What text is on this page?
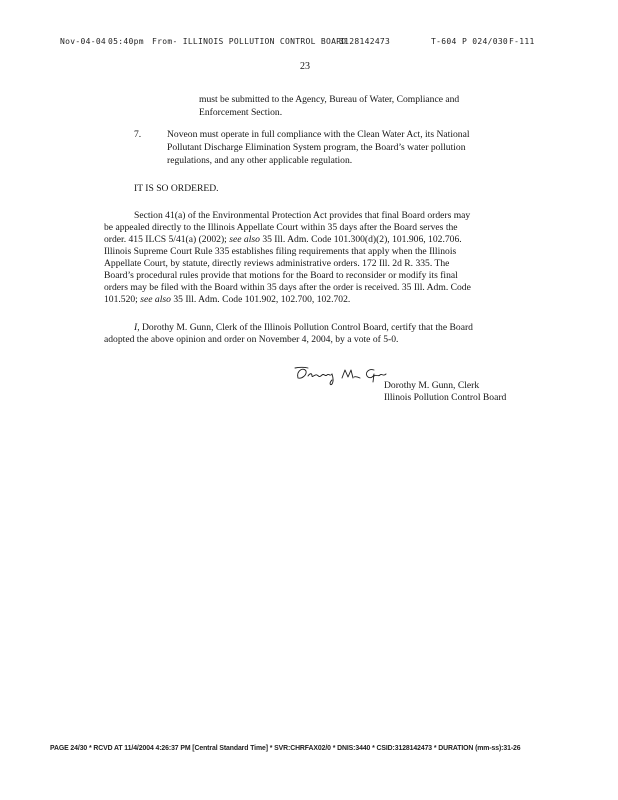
Nov-04-04 05:40pm From- ILLINOIS POLLUTION CONTROL BOARD
3128142473	T-604 P 024/030 F-111
23
must be submitted to the Agency, Bureau of Water, Compliance and
Enforcement Section.
7.	Noveon must operate in full compliance with the Clean Water Act, its National
Pollutant Discharge Elimination System program, the Board’s water pollution
regulations, and any other applicable regulation.
IT IS SO ORDERED.
Section 41(a) of the Environmental Protection Act provides that final Board orders may
be appealed directly to the Illinois Appellate Court within 35 days after the Board serves the
order. 415 ILCS 5/41(a) (2002); see also 35 Ill. Adm. Code 101.300(d)(2), 101.906, 102.706.
Illinois Supreme Court Rule 335 establishes filing requirements that apply when the Illinois
Appellate Court, by statute, directly reviews administrative orders. 172 Ill. 2d R. 335. The
Board’s procedural rules provide that motions for the Board to reconsider or modify its final
orders may be filed with the Board within 35 days after the order is received. 35 Ill. Adm. Code
101.520; see also 35 Ill. Adm. Code 101.902, 102.700, 102.702.
I, Dorothy M. Gunn, Clerk of the Illinois Pollution Control Board, certify that the Board
adopted the above opinion and order on November 4, 2004, by a vote of 5-0.
Dorothy M. Gunn, Clerk
Illinois Pollution Control Board
PAGE 24/30 * RCVD AT 11/4/2004 4:26:37 PM [Central Standard Time] * SVR:CHRFAX02/0 * DNIS:3440 * CSID:3128142473 * DURATION (mm-ss):31-26
